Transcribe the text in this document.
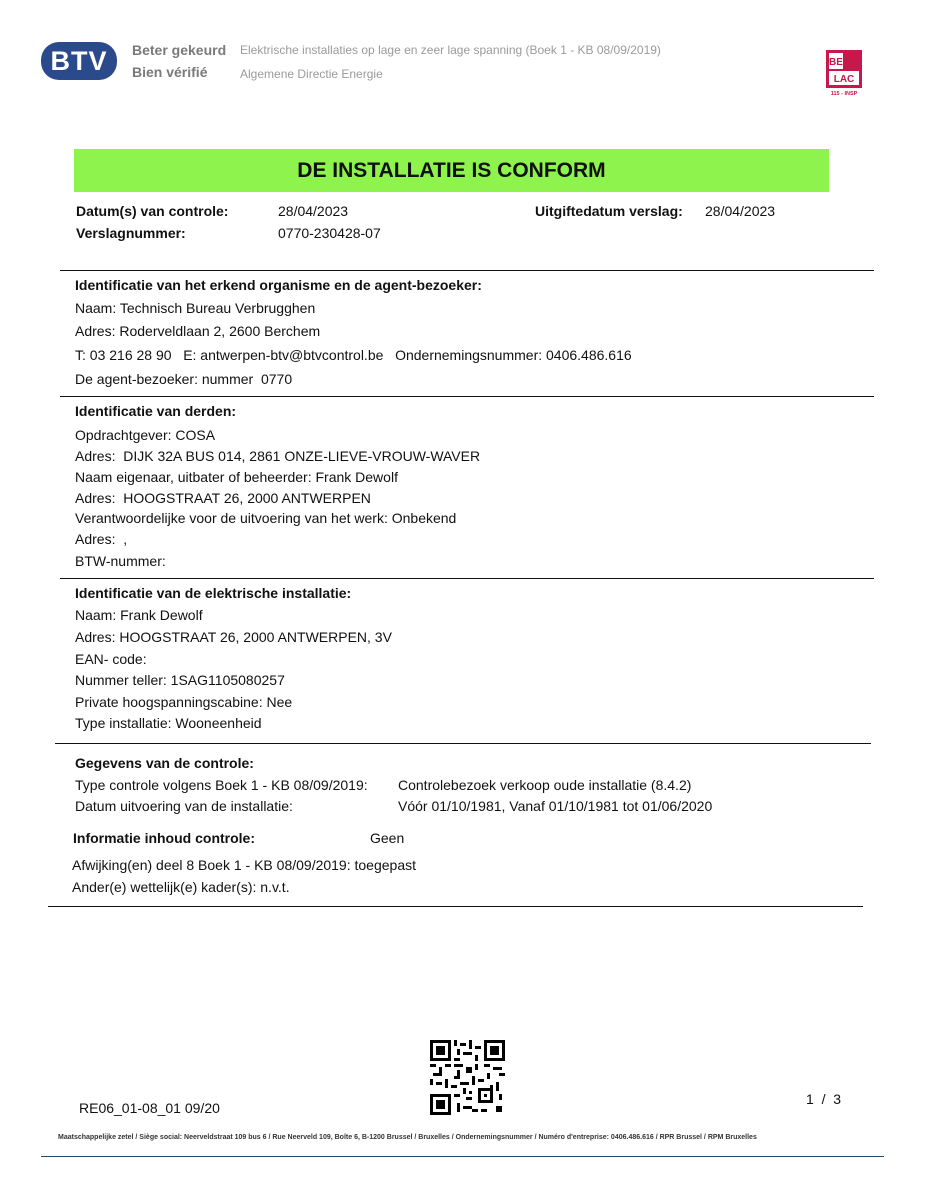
BTV Beter gekeurd
Bien vérifié
Elektrische installaties op lage en zeer lage spanning (Boek 1 - KB 08/09/2019)
Algemene Directie Energie
BE
LAC
115 - INSP
DE INSTALLATIE IS CONFORM
Datum(s) van controle:	28/04/2023	Uitgiftedatum verslag: 28/04/2023
Verslagnummer:	0770-230428-07
Identificatie van het erkend organisme en de agent-bezoeker:
Naam: Technisch Bureau Verbrugghen
Adres: Roderveldlaan 2, 2600 Berchem
T: 03 216 28 90   E: antwerpen-btv@btvcontrol.be   Ondernemingsnummer: 0406.486.616
De agent-bezoeker: nummer  0770
Identificatie van derden:
Opdrachtgever: COSA
Adres:  DIJK 32A BUS 014, 2861 ONZE-LIEVE-VROUW-WAVER
Naam eigenaar, uitbater of beheerder: Frank Dewolf
Adres:  HOOGSTRAAT 26, 2000 ANTWERPEN
Verantwoordelijke voor de uitvoering van het werk: Onbekend
Adres:  ,
BTW-nummer:
Identificatie van de elektrische installatie:
Naam: Frank Dewolf
Adres: HOOGSTRAAT 26, 2000 ANTWERPEN, 3V
EAN- code:
Nummer teller: 1SAG1105080257
Private hoogspanningscabine: Nee
Type installatie: Wooneenheid
Gegevens van de controle:
Type controle volgens Boek 1 - KB 08/09/2019: Controlebezoek verkoop oude installatie (8.4.2)
Datum uitvoering van de installatie:	Vóór 01/10/1981, Vanaf 01/10/1981 tot 01/06/2020
Informatie inhoud controle:	Geen
Afwijking(en) deel 8 Boek 1 - KB 08/09/2019: toegepast
Ander(e) wettelijk(e) kader(s): n.v.t.
RE06_01-08_01 09/20
1  /  3
Maatschappelijke zetel / Siège social: Neerveldstraat 109 bus 6 / Rue Neerveld 109, Boîte 6, B-1200 Brussel / Bruxelles / Ondernemingsnummer / Numéro d'entreprise: 0406.486.616 / RPR Brussel / RPM Bruxelles
